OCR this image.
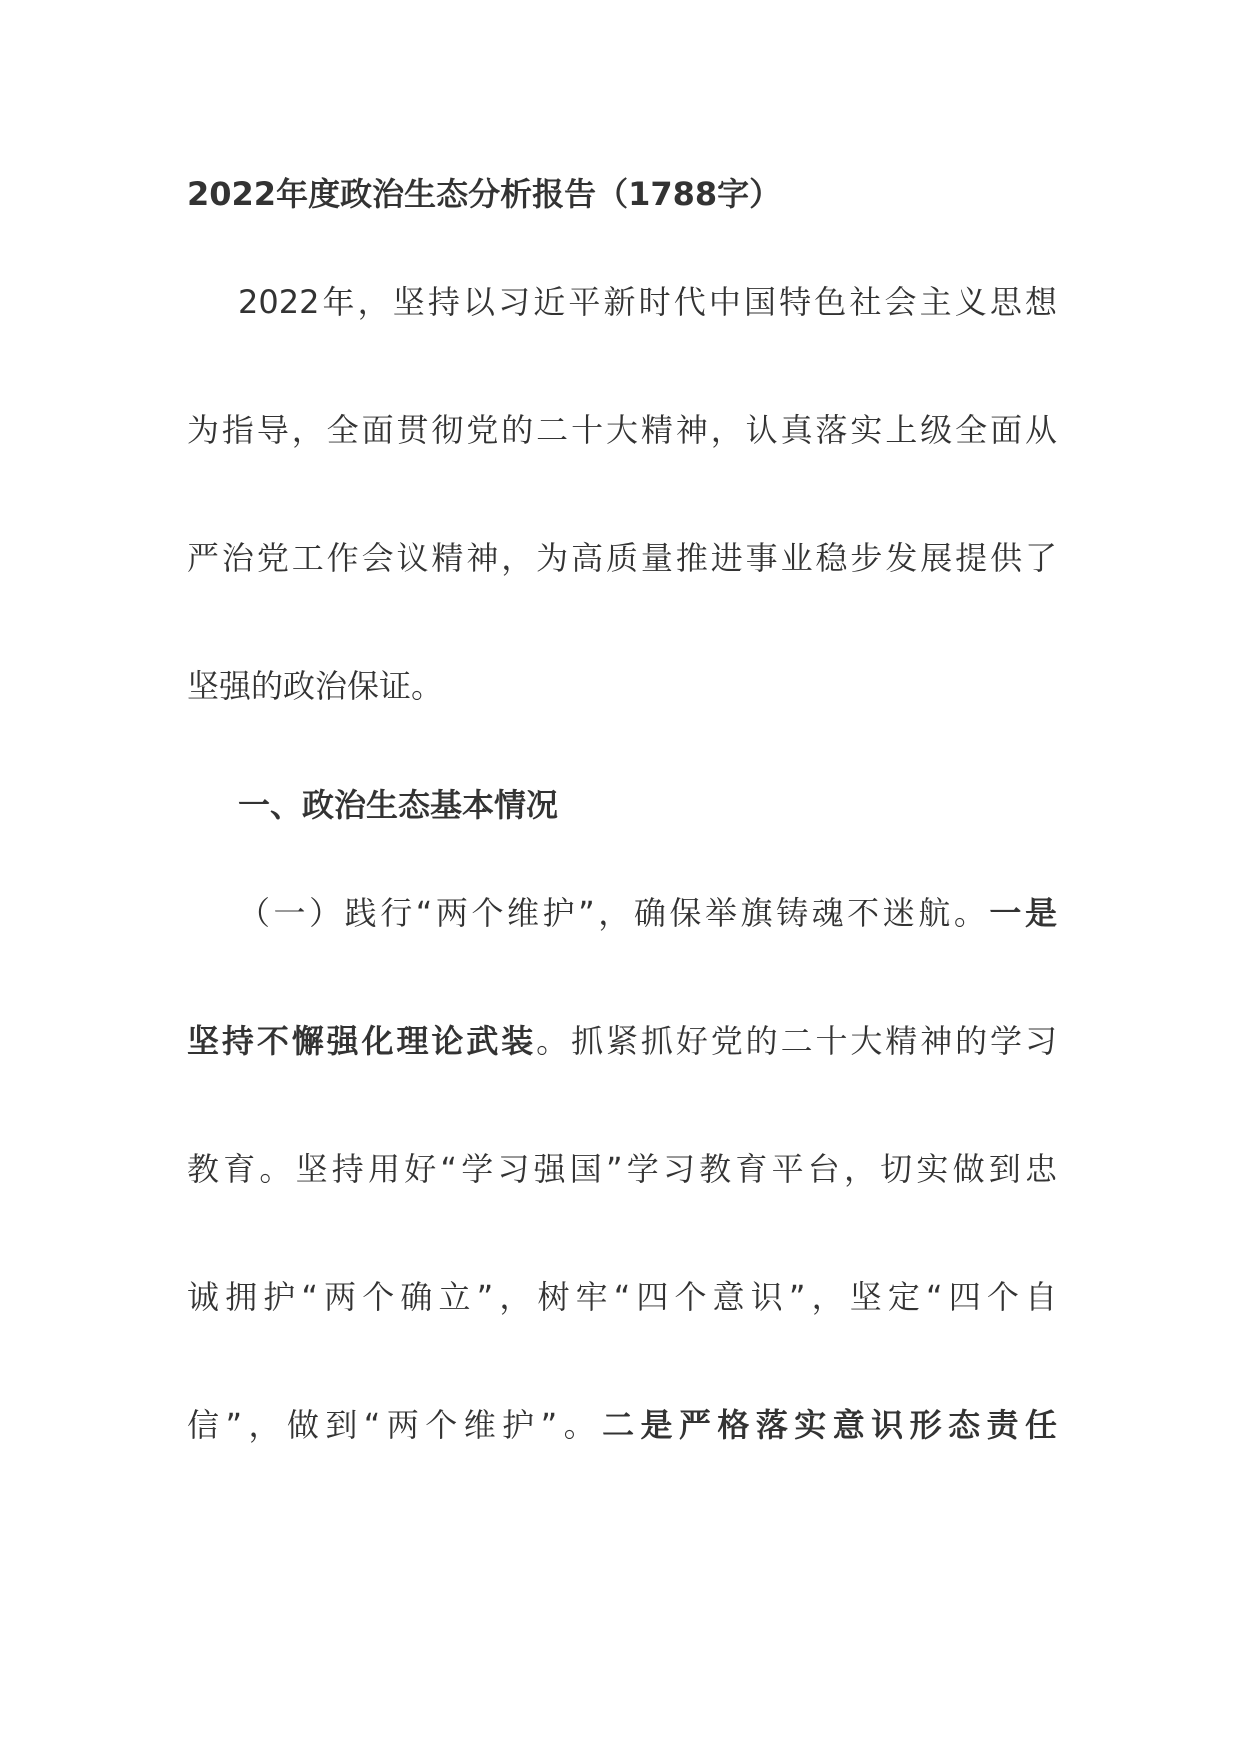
2022年度政治生态分析报告（1788字）
2022年，坚持以习近平新时代中国特色社会主义思想
为指导，全面贯彻党的二十大精神，认真落实上级全面从
严治党工作会议精神，为高质量推进事业稳步发展提供了
坚强的政治保证。
一、政治生态基本情况
（一）践行“两个维护”，确保举旗铸魂不迷航。一是
坚持不懈强化理论武装。抓紧抓好党的二十大精神的学习
教育。坚持用好“学习强国”学习教育平台，切实做到忠
诚拥护“两个确立”，树牢“四个意识”，坚定“四个自
信”，做到“两个维护”。二是严格落实意识形态责任
